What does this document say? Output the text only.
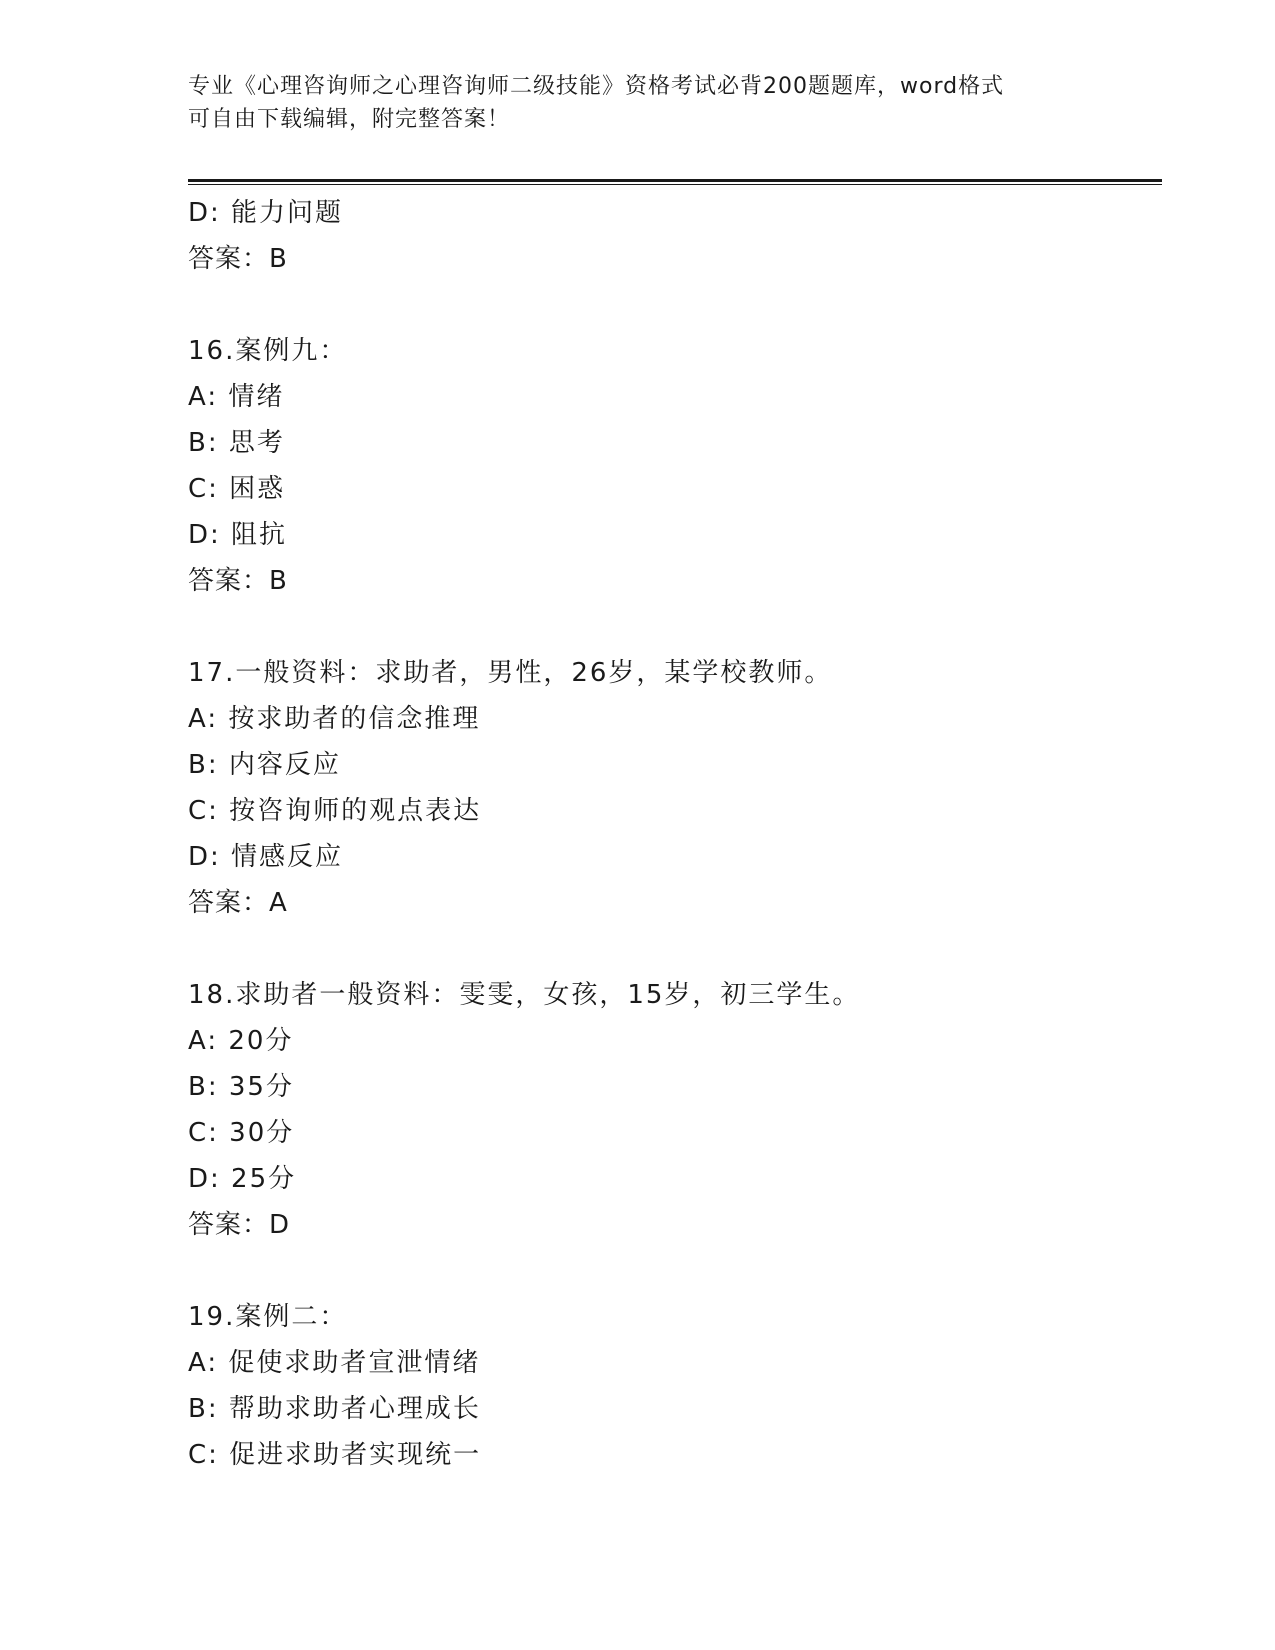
专业《心理咨询师之心理咨询师二级技能》资格考试必背200题题库，word格式
可自由下载编辑，附完整答案！
D: 能力问题
答案：B
16.案例九：
A: 情绪
B: 思考
C: 困惑
D: 阻抗
答案：B
17.一般资料：求助者，男性，26岁，某学校教师。
A: 按求助者的信念推理
B: 内容反应
C: 按咨询师的观点表达
D: 情感反应
答案：A
18.求助者一般资料：雯雯，女孩，15岁，初三学生。
A: 20分
B: 35分
C: 30分
D: 25分
答案：D
19.案例二：
A: 促使求助者宣泄情绪
B: 帮助求助者心理成长
C: 促进求助者实现统一
